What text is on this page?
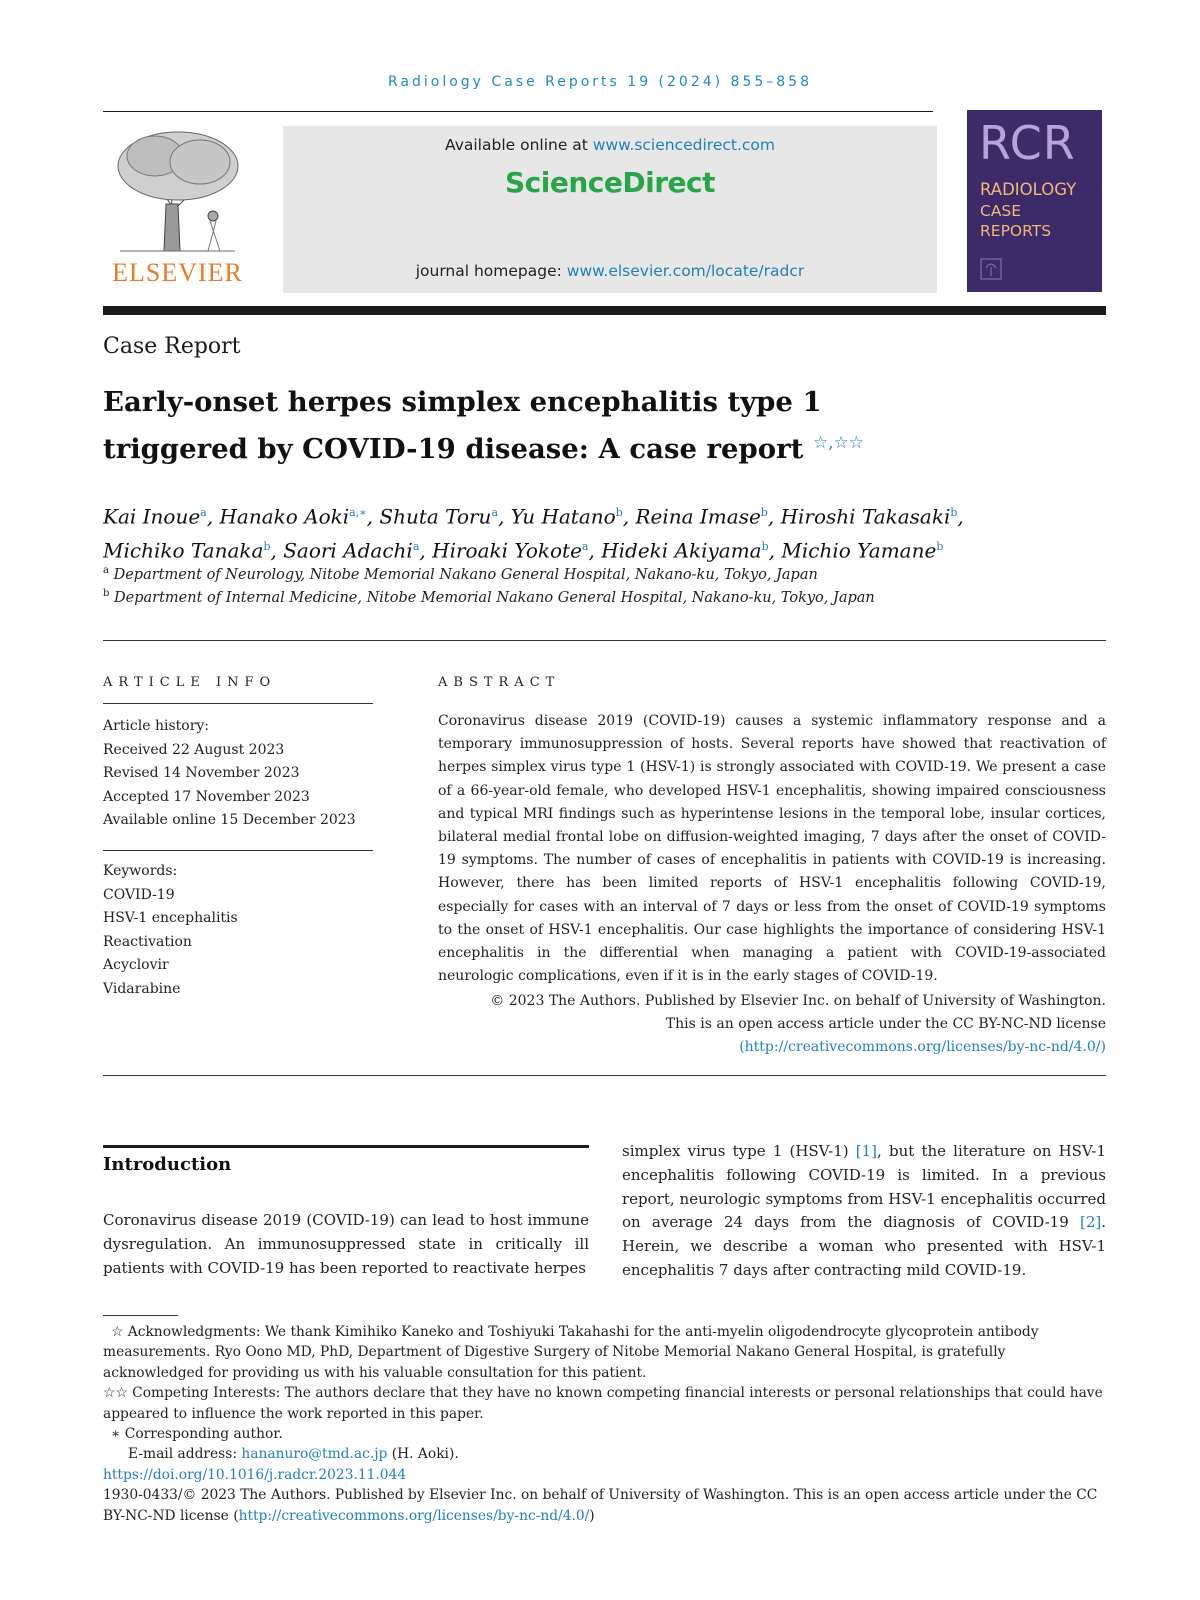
Radiology Case Reports 19 (2024) 855–858
ELSEVIER
Available online at www.sciencedirect.com
ScienceDirect
journal homepage: www.elsevier.com/locate/radcr
RCR
RADIOLOGY
CASE
REPORTS
Case Report
Early-onset herpes simplex encephalitis type 1
triggered by COVID-19 disease: A case report ☆,☆☆
Kai Inoue$^a$, Hanako Aoki$^{a,∗}$, Shuta Toru$^a$, Yu Hatano$^b$, Reina Imase$^b$, Hiroshi Takasaki$^b$,
Michiko Tanaka$^b$, Saori Adachi$^a$, Hiroaki Yokote$^a$, Hideki Akiyama$^b$, Michio Yamane$^b$
$^a$ Department of Neurology, Nitobe Memorial Nakano General Hospital, Nakano-ku, Tokyo, Japan
$^b$ Department of Internal Medicine, Nitobe Memorial Nakano General Hospital, Nakano-ku, Tokyo, Japan
ARTICLE INFO
Article history:
Received 22 August 2023
Revised 14 November 2023
Accepted 17 November 2023
Available online 15 December 2023
Keywords:
COVID-19
HSV-1 encephalitis
Reactivation
Acyclovir
Vidarabine
ABSTRACT
Coronavirus disease 2019 (COVID-19) causes a systemic inflammatory response and a temporary immunosuppression of hosts. Several reports have showed that reactivation of herpes simplex virus type 1 (HSV-1) is strongly associated with COVID-19. We present a case of a 66-year-old female, who developed HSV-1 encephalitis, showing impaired consciousness and typical MRI findings such as hyperintense lesions in the temporal lobe, insular cortices, bilateral medial frontal lobe on diffusion-weighted imaging, 7 days after the onset of COVID-19 symptoms. The number of cases of encephalitis in patients with COVID-19 is increasing. However, there has been limited reports of HSV-1 encephalitis following COVID-19, especially for cases with an interval of 7 days or less from the onset of COVID-19 symptoms to the onset of HSV-1 encephalitis. Our case highlights the importance of considering HSV-1 encephalitis in the differential when managing a patient with COVID-19-associated neurologic complications, even if it is in the early stages of COVID-19.
© 2023 The Authors. Published by Elsevier Inc. on behalf of University of Washington.
This is an open access article under the CC BY-NC-ND license
(http://creativecommons.org/licenses/by-nc-nd/4.0/)
Introduction
Coronavirus disease 2019 (COVID-19) can lead to host immune dysregulation. An immunosuppressed state in critically ill patients with COVID-19 has been reported to reactivate herpes
simplex virus type 1 (HSV-1) [1], but the literature on HSV-1 encephalitis following COVID-19 is limited. In a previous report, neurologic symptoms from HSV-1 encephalitis occurred on average 24 days from the diagnosis of COVID-19 [2]. Herein, we describe a woman who presented with HSV-1 encephalitis 7 days after contracting mild COVID-19.

☆ Acknowledgments: We thank Kimihiko Kaneko and Toshiyuki Takahashi for the anti-myelin oligodendrocyte glycoprotein antibody measurements. Ryo Oono MD, PhD, Department of Digestive Surgery of Nitobe Memorial Nakano General Hospital, is gratefully acknowledged for providing us with his valuable consultation for this patient.

☆☆ Competing Interests: The authors declare that they have no known competing financial interests or personal relationships that could have appeared to influence the work reported in this paper.

∗ Corresponding author.

E-mail address: hananuro@tmd.ac.jp (H. Aoki).

https://doi.org/10.1016/j.radcr.2023.11.044

1930-0433/© 2023 The Authors. Published by Elsevier Inc. on behalf of University of Washington. This is an open access article under the CC BY-NC-ND license (http://creativecommons.org/licenses/by-nc-nd/4.0/)
